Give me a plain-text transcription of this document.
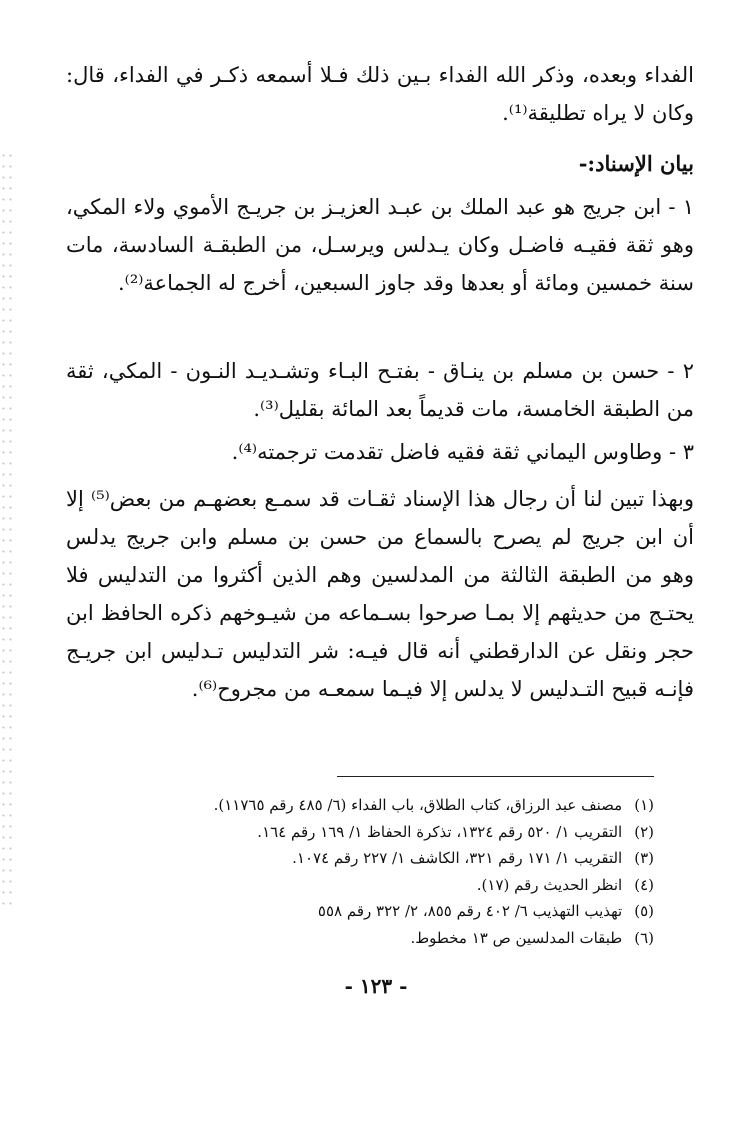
الفداء وبعده، وذكر الله الفداء بـين ذلك فـلا أسمعه ذكـر في الفداء، قال: وكان لا يراه تطليقة⁽¹⁾.

بيان الإسناد:-

١ - ابن جريج هو عبد الملك بن عبـد العزيـز بن جريـج الأموي ولاء المكي، وهو ثقة فقيـه فاضـل وكان يـدلس ويرسـل، من الطبقـة السادسة، مات سنة خمسين ومائة أو بعدها وقد جاوز السبعين، أخرج له الجماعة⁽²⁾.

٢ - حسن بن مسلم بن ينـاق - بفتـح البـاء وتشـديـد النـون - المكي، ثقة من الطبقة الخامسة، مات قديماً بعد المائة بقليل⁽³⁾.

٣ - وطاوس اليماني ثقة فقيه فاضل تقدمت ترجمته⁽⁴⁾.

وبهذا تبين لنا أن رجال هذا الإسناد ثقـات قد سمـع بعضهـم من بعض⁽⁵⁾ إلا أن ابن جريج لم يصرح بالسماع من حسن بن مسلم وابن جريج يدلس وهو من الطبقة الثالثة من المدلسين وهم الذين أكثروا من التدليس فلا يحتـج من حديثهم إلا بمـا صرحوا بسـماعه من شيـوخهم ذكره الحافظ ابن حجر ونقل عن الدارقطني أنه قال فيـه: شر التدليس تـدليس ابن جريـج فإنـه قبيح التـدليس لا يدلس إلا فيـما سمعـه من مجروح⁽⁶⁾.

(١)مصنف عبد الرزاق، كتاب الطلاق، باب الفداء (٦/ ٤٨٥ رقم ١١٧٦٥).
(٢)التقريب ١/ ٥٢٠ رقم ١٣٢٤، تذكرة الحفاظ ١/ ١٦٩ رقم ١٦٤.
(٣)التقريب ١/ ١٧١ رقم ٣٢١، الكاشف ١/ ٢٢٧ رقم ١٠٧٤.
(٤)انظر الحديث رقم (١٧).
(٥)تهذيب التهذيب ٦/ ٤٠٢ رقم ٨٥٥، ٢/ ٣٢٢ رقم ٥٥٨
(٦)طبقات المدلسين ص ١٣ مخطوط.
- ١٢٣ -
